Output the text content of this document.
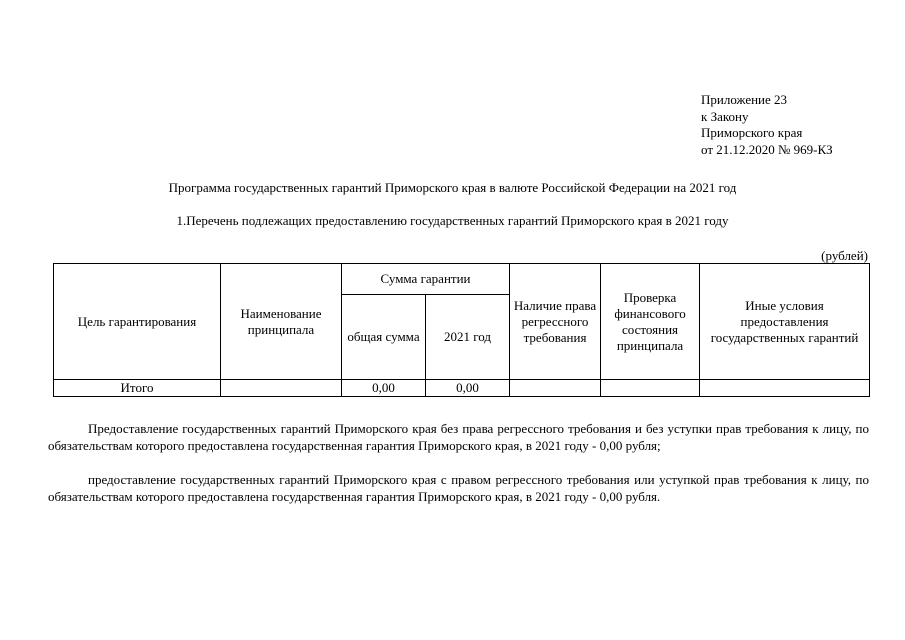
Приложение 23
к Закону
Приморского края
от 21.12.2020 № 969-КЗ
Программа государственных гарантий Приморского края в валюте Российской Федерации на 2021 год
1.Перечень подлежащих предоставлению государственных гарантий Приморского края в 2021 году
(рублей)
Цель гарантирования	Наименование принципала	Сумма гарантии		Наличие права регрессного требования	Проверка финансового состояния принципала	Иные условия предоставления государственных гарантий
		общая сумма	2021 год			
Итого		0,00	0,00			
Предоставление государственных гарантий Приморского края без права регрессного требования и без уступки прав требования к лицу, по обязательствам которого предоставлена государственная гарантия Приморского края, в 2021 году - 0,00 рубля;
предоставление государственных гарантий Приморского края с правом регрессного требования или уступкой прав требования к лицу, по обязательствам которого предоставлена государственная гарантия Приморского края, в 2021 году - 0,00 рубля.
